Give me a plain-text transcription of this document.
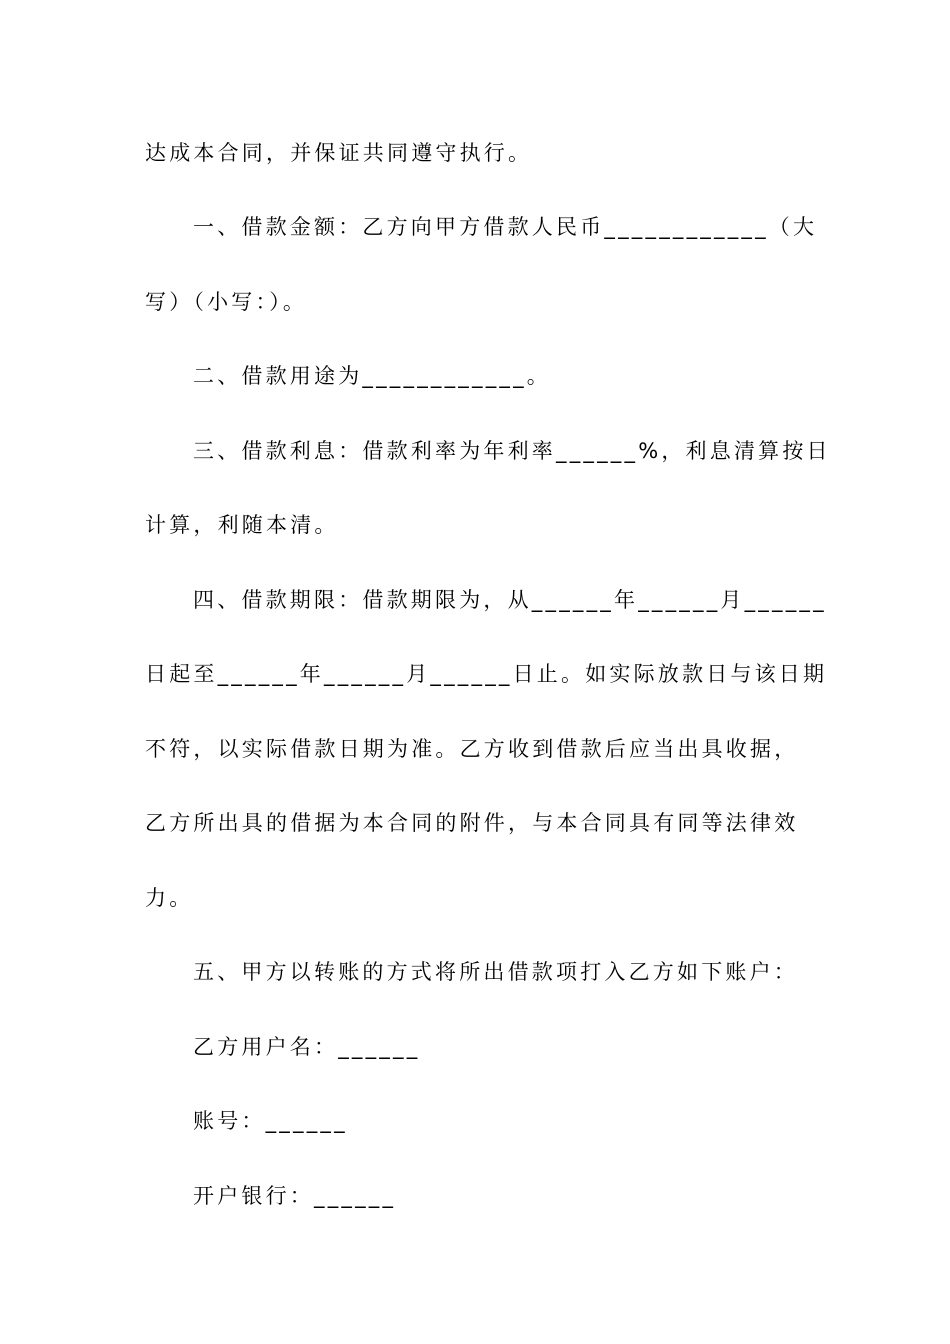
达成本合同，并保证共同遵守执行。
一、借款金额：乙方向甲方借款人民币____________（大
写）（小写：）。
二、借款用途为____________。
三、借款利息：借款利率为年利率______%，利息清算按日
计算，利随本清。
四、借款期限：借款期限为，从______年______月______
日起至______年______月______日止。如实际放款日与该日期
不符，以实际借款日期为准。乙方收到借款后应当出具收据，
乙方所出具的借据为本合同的附件，与本合同具有同等法律效
力。
五、甲方以转账的方式将所出借款项打入乙方如下账户：
乙方用户名：______
账号：______
开户银行：______
